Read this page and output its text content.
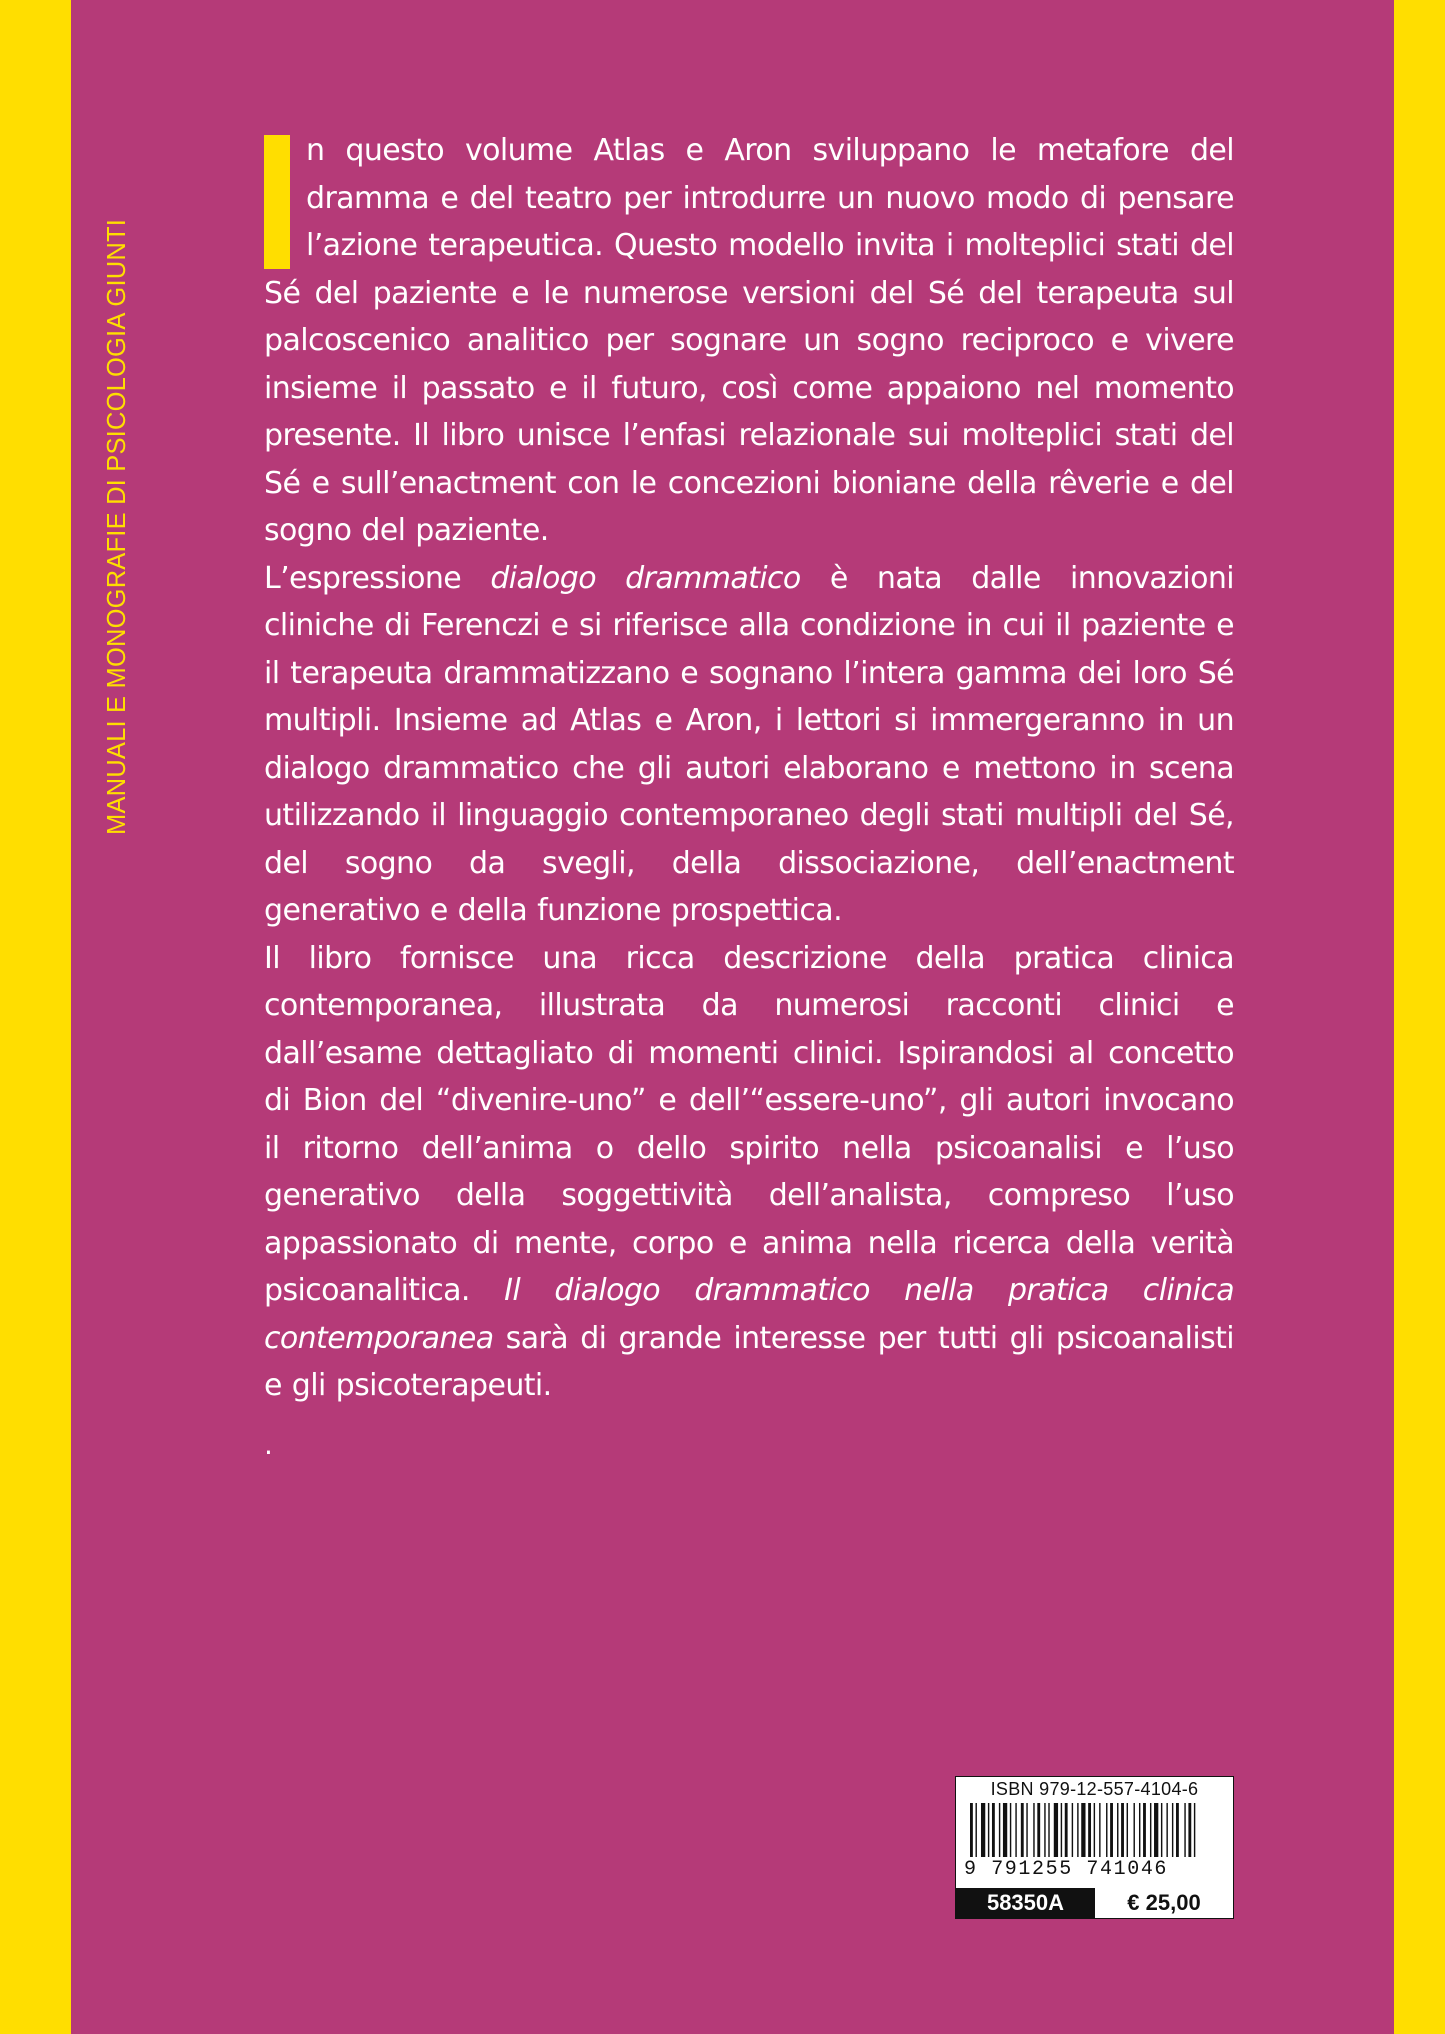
MANUALI E MONOGRAFIE DI PSICOLOGIA GIUNTI

n questo volume Atlas e Aron sviluppano le metafore del dramma e del teatro per introdurre un nuovo modo di pensare l’azione terapeutica. Questo modello invita i molteplici stati del Sé del paziente e le numerose versioni del Sé del terapeuta sul palcoscenico analitico per sognare un sogno reciproco e vivere insieme il passato e il futuro, così come appaiono nel momento presente. Il libro unisce l’enfasi relazionale sui molteplici stati del Sé e sull’enactment con le concezioni bioniane della rêverie e del sogno del paziente.

L’espressione dialogo drammatico è nata dalle innovazioni cliniche di Ferenczi e si riferisce alla condizione in cui il paziente e il terapeuta drammatizzano e sognano l’intera gamma dei loro Sé multipli. Insieme ad Atlas e Aron, i lettori si immergeranno in un dialogo drammatico che gli autori elaborano e mettono in scena utilizzando il linguaggio contemporaneo degli stati multipli del Sé, del sogno da svegli, della dissociazione, dell’enactment generativo e della funzione prospettica.

Il libro fornisce una ricca descrizione della pratica clinica contemporanea, illustrata da numerosi racconti clinici e dall’esame dettagliato di momenti clinici. Ispirandosi al concetto di Bion del “divenire-uno” e dell’“essere-uno”, gli autori invocano il ritorno dell’anima o dello spirito nella psicoanalisi e l’uso generativo della soggettività dell’analista, compreso l’uso appassionato di mente, corpo e anima nella ricerca della verità psicoanalitica. Il dialogo drammatico nella pratica clinica contemporanea sarà di grande interesse per tutti gli psicoanalisti e gli psicoterapeuti.

.
ISBN 979-12-557-4104-6
9 791255 741046
58350A	€ 25,00
